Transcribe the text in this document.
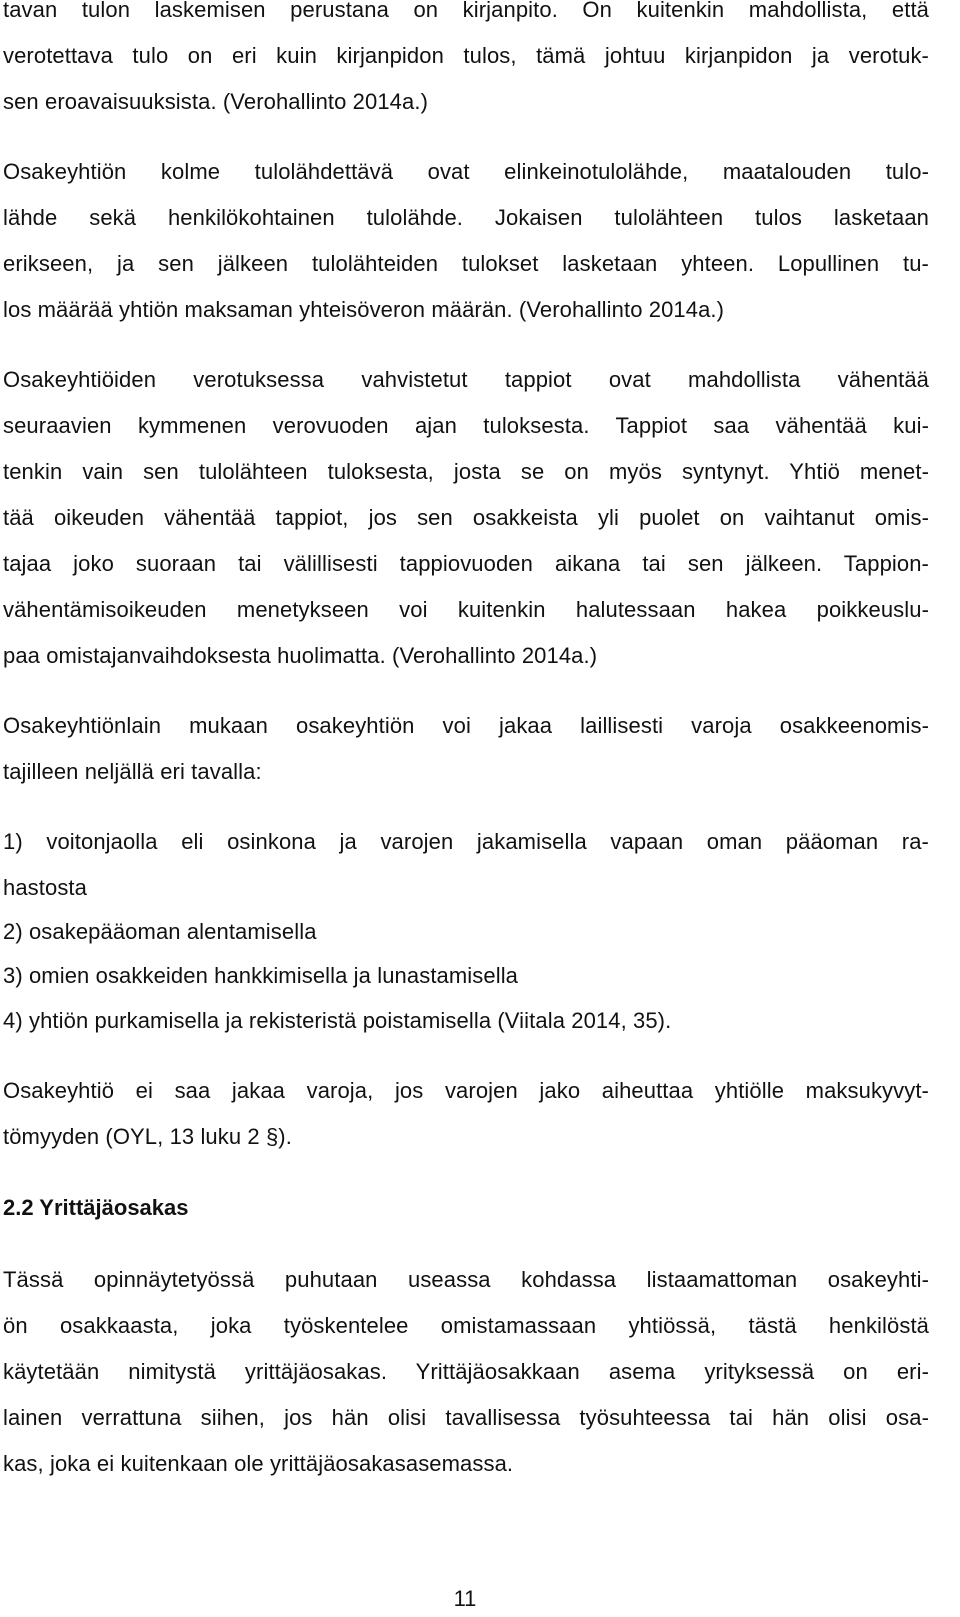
tavan tulon laskemisen perustana on kirjanpito. On kuitenkin mahdollista, että
verotettava tulo on eri kuin kirjanpidon tulos, tämä johtuu kirjanpidon ja verotuk-
sen eroavaisuuksista. (Verohallinto 2014a.)
Osakeyhtiön kolme tulolähdettävä ovat elinkeinotulolähde, maatalouden tulo-
lähde sekä henkilökohtainen tulolähde. Jokaisen tulolähteen tulos lasketaan
erikseen, ja sen jälkeen tulolähteiden tulokset lasketaan yhteen. Lopullinen tu-
los määrää yhtiön maksaman yhteisöveron määrän. (Verohallinto 2014a.)
Osakeyhtiöiden verotuksessa vahvistetut tappiot ovat mahdollista vähentää
seuraavien kymmenen verovuoden ajan tuloksesta. Tappiot saa vähentää kui-
tenkin vain sen tulolähteen tuloksesta, josta se on myös syntynyt. Yhtiö menet-
tää oikeuden vähentää tappiot, jos sen osakkeista yli puolet on vaihtanut omis-
tajaa joko suoraan tai välillisesti tappiovuoden aikana tai sen jälkeen. Tappion-
vähentämisoikeuden menetykseen voi kuitenkin halutessaan hakea poikkeuslu-
paa omistajanvaihdoksesta huolimatta. (Verohallinto 2014a.)
Osakeyhtiönlain mukaan osakeyhtiön voi jakaa laillisesti varoja osakkeenomis-
tajilleen neljällä eri tavalla:
1) voitonjaolla eli osinkona ja varojen jakamisella vapaan oman pääoman ra-
hastosta
2) osakepääoman alentamisella
3) omien osakkeiden hankkimisella ja lunastamisella
4) yhtiön purkamisella ja rekisteristä poistamisella (Viitala 2014, 35).
Osakeyhtiö ei saa jakaa varoja, jos varojen jako aiheuttaa yhtiölle maksukyvyt-
tömyyden (OYL, 13 luku 2 §).
2.2 Yrittäjäosakas
Tässä opinnäytetyössä puhutaan useassa kohdassa listaamattoman osakeyhti-
ön osakkaasta, joka työskentelee omistamassaan yhtiössä, tästä henkilöstä
käytetään nimitystä yrittäjäosakas. Yrittäjäosakkaan asema yrityksessä on eri-
lainen verrattuna siihen, jos hän olisi tavallisessa työsuhteessa tai hän olisi osa-
kas, joka ei kuitenkaan ole yrittäjäosakasasemassa.
11
